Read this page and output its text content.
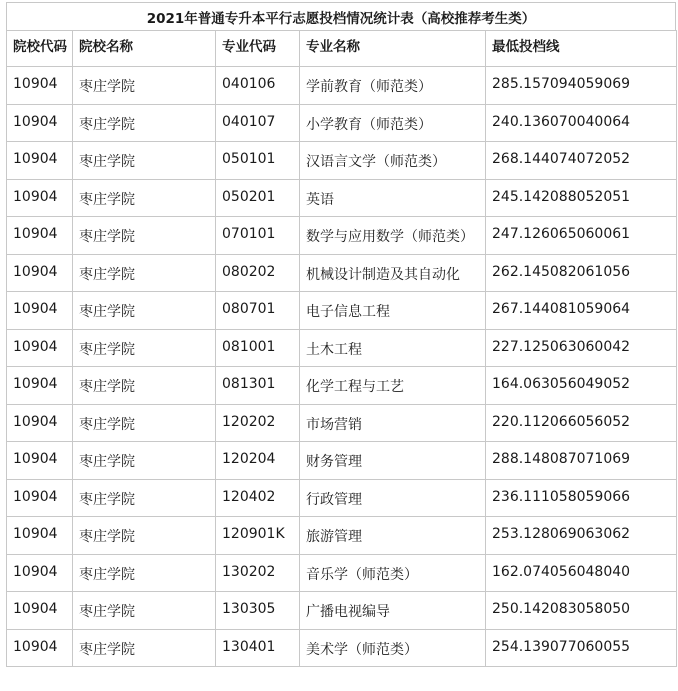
2021年普通专升本平行志愿投档情况统计表（高校推荐考生类）
院校代码	院校名称	专业代码	专业名称	最低投档线
10904	枣庄学院	040106	学前教育（师范类）	285.157094059069
10904	枣庄学院	040107	小学教育（师范类）	240.136070040064
10904	枣庄学院	050101	汉语言文学（师范类）	268.144074072052
10904	枣庄学院	050201	英语	245.142088052051
10904	枣庄学院	070101	数学与应用数学（师范类）	247.126065060061
10904	枣庄学院	080202	机械设计制造及其自动化	262.145082061056
10904	枣庄学院	080701	电子信息工程	267.144081059064
10904	枣庄学院	081001	土木工程	227.125063060042
10904	枣庄学院	081301	化学工程与工艺	164.063056049052
10904	枣庄学院	120202	市场营销	220.112066056052
10904	枣庄学院	120204	财务管理	288.148087071069
10904	枣庄学院	120402	行政管理	236.111058059066
10904	枣庄学院	120901K	旅游管理	253.128069063062
10904	枣庄学院	130202	音乐学（师范类）	162.074056048040
10904	枣庄学院	130305	广播电视编导	250.142083058050
10904	枣庄学院	130401	美术学（师范类）	254.139077060055
